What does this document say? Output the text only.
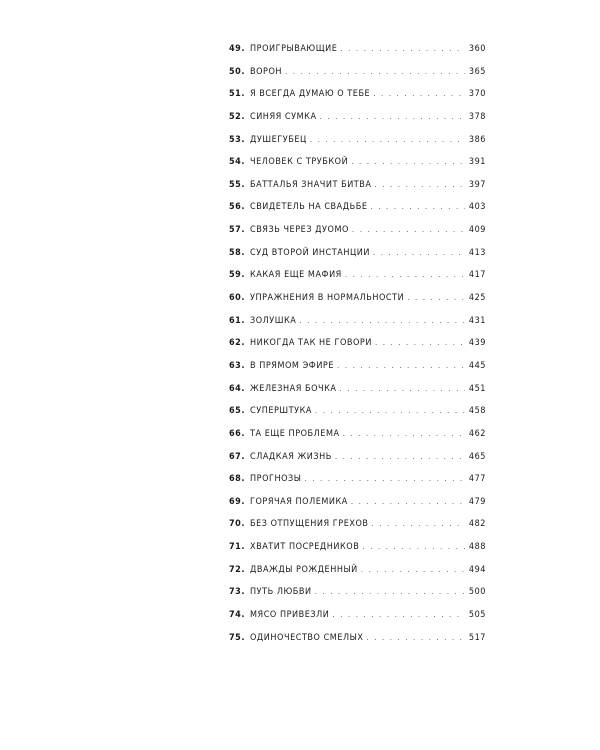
49. ПРОИГРЫВАЮЩИЕ . . .	360
50. ВОРОН . . .	365
51. Я ВСЕГДА ДУМАЮ О ТЕБЕ . . .	370
52. СИНЯЯ СУМКА . . .	378
53. ДУШЕГУБЕЦ . . .	386
54. ЧЕЛОВЕК С ТРУБКОЙ . . .	391
55. БАТТАЛЬЯ ЗНАЧИТ БИТВА . . .	397
56. СВИДЕТЕЛЬ НА СВАДЬБЕ . . .	403
57. СВЯЗЬ ЧЕРЕЗ ДУОМО . . .	409
58. СУД ВТОРОЙ ИНСТАНЦИИ . . .	413
59. КАКАЯ ЕЩЕ МАФИЯ . . .	417
60. УПРАЖНЕНИЯ В НОРМАЛЬНОСТИ . . .	425
61. ЗОЛУШКА . . .	431
62. НИКОГДА ТАК НЕ ГОВОРИ . . .	439
63. В ПРЯМОМ ЭФИРЕ . . .	445
64. ЖЕЛЕЗНАЯ БОЧКА . . .	451
65. СУПЕРШТУКА . . .	458
66. ТА ЕЩЕ ПРОБЛЕМА . . .	462
67. СЛАДКАЯ ЖИЗНЬ . . .	465
68. ПРОГНОЗЫ . . .	477
69. ГОРЯЧАЯ ПОЛЕМИКА . . .	479
70. БЕЗ ОТПУЩЕНИЯ ГРЕХОВ . . .	482
71. ХВАТИТ ПОСРЕДНИКОВ . . .	488
72. ДВАЖДЫ РОЖДЕННЫЙ . . .	494
73. ПУТЬ ЛЮБВИ . . .	500
74. МЯСО ПРИВЕЗЛИ . . .	505
75. ОДИНОЧЕСТВО СМЕЛЫХ . . .	517
